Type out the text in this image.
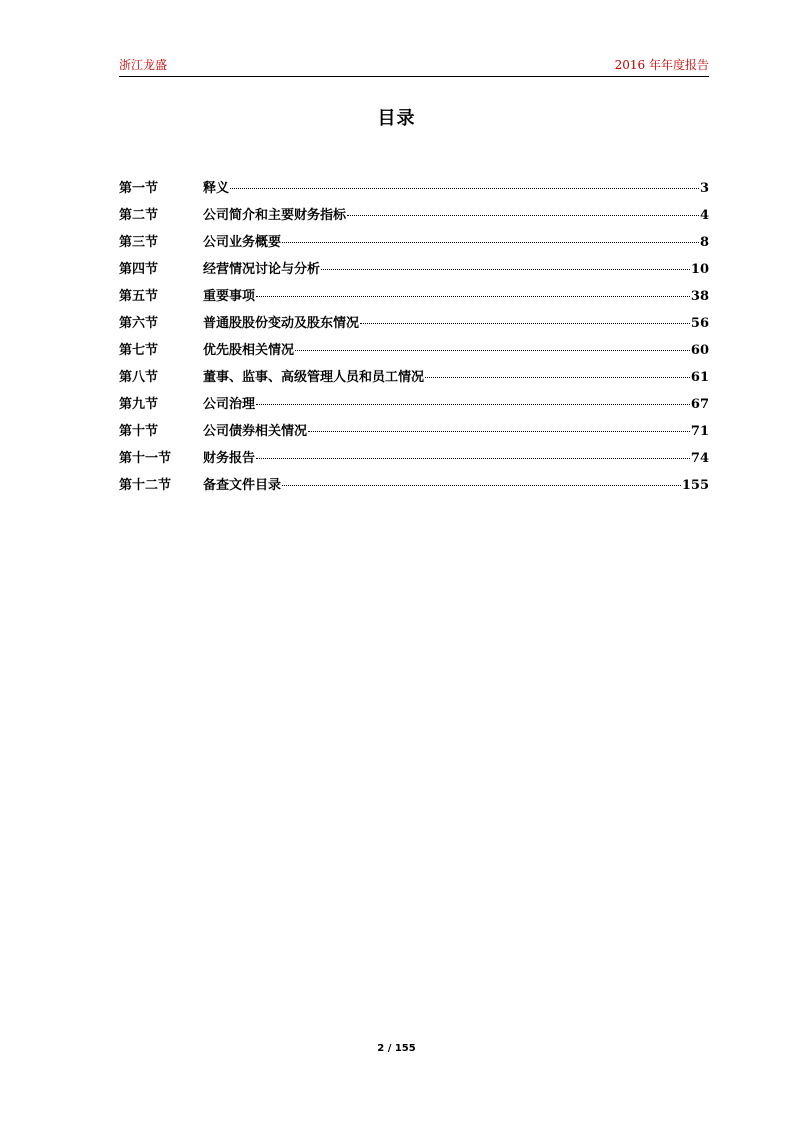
浙江龙盛	2016 年年度报告
目录
第一节	释义	3
第二节	公司简介和主要财务指标	4
第三节	公司业务概要	8
第四节	经营情况讨论与分析	10
第五节	重要事项	38
第六节	普通股股份变动及股东情况	56
第七节	优先股相关情况	60
第八节	董事、监事、高级管理人员和员工情况	61
第九节	公司治理	67
第十节	公司债券相关情况	71
第十一节	财务报告	74
第十二节	备查文件目录	155
2 / 155
